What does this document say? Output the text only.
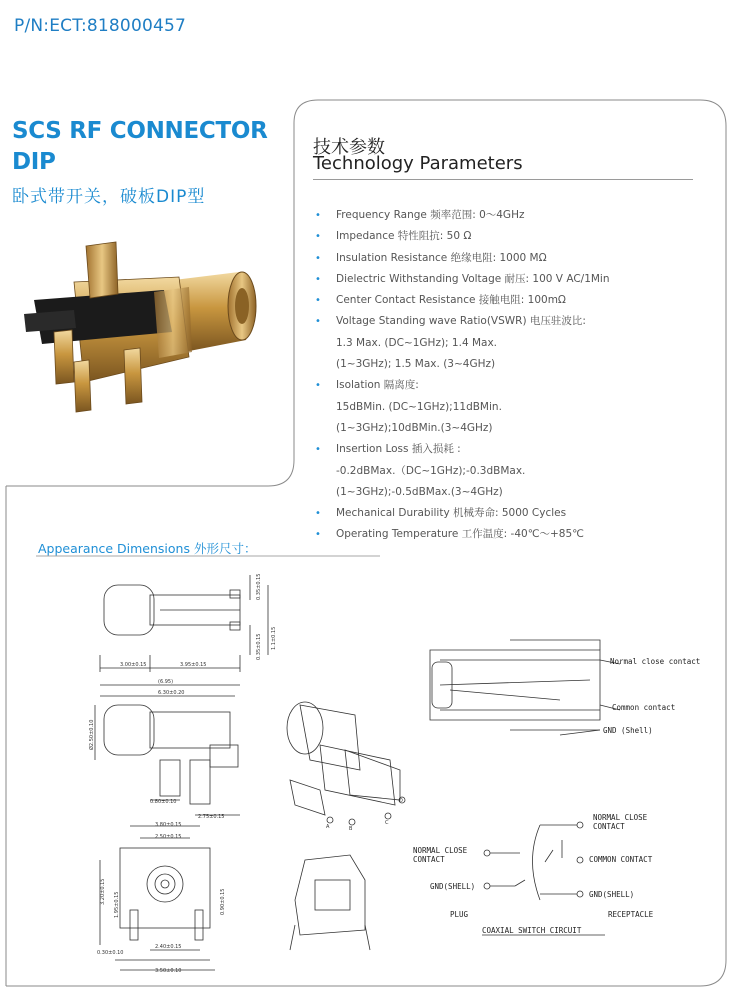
P/N:ECT:818000457
SCS RF CONNECTOR
DIP
卧式带开关，破板DIP型
技术参数
Technology Parameters
• Frequency Range 频率范围: 0～4GHz
• Impedance 特性阻抗: 50 Ω
• Insulation Resistance 绝缘电阻: 1000 MΩ
• Dielectric Withstanding Voltage 耐压: 100 V AC/1Min
• Center Contact Resistance 接触电阻: 100mΩ
• Voltage Standing wave Ratio(VSWR) 电压驻波比:
1.3 Max. (DC~1GHz); 1.4 Max.
(1~3GHz); 1.5 Max. (3~4GHz)
• Isolation 隔离度:
15dBMin. (DC~1GHz);11dBMin.
(1~3GHz);10dBMin.(3~4GHz)
• Insertion Loss 插入损耗 :
-0.2dBMax.（DC~1GHz);-0.3dBMax.
(1~3GHz);-0.5dBMax.(3~4GHz)
• Mechanical Durability 机械寿命: 5000 Cycles
• Operating Temperature 工作温度: -40℃～+85℃
Appearance Dimensions 外形尺寸：
3.00±0.15	3.95±0.15
0.35±0.15
0.35±0.15 1.1±0.15
(6.95)
6.30±0.20
Ø2.50±0.10
0.80±0.10
2.75±0.15
3.80±0.15
2.50±0.15
3.20±0.15 1.95±0.15	0.90±0.15
2.40±0.15
0.30±0.10
3.50±0.10
A	B
C
D
Normal close contact
Common contact
GND (Shell)
NORMAL CLOSE
CONTACT
NORMAL CLOSE
CONTACT	COMMON CONTACT
GND(SHELL)
GND(SHELL)
PLUG	RECEPTACLE
COAXIAL SWITCH CIRCUIT
